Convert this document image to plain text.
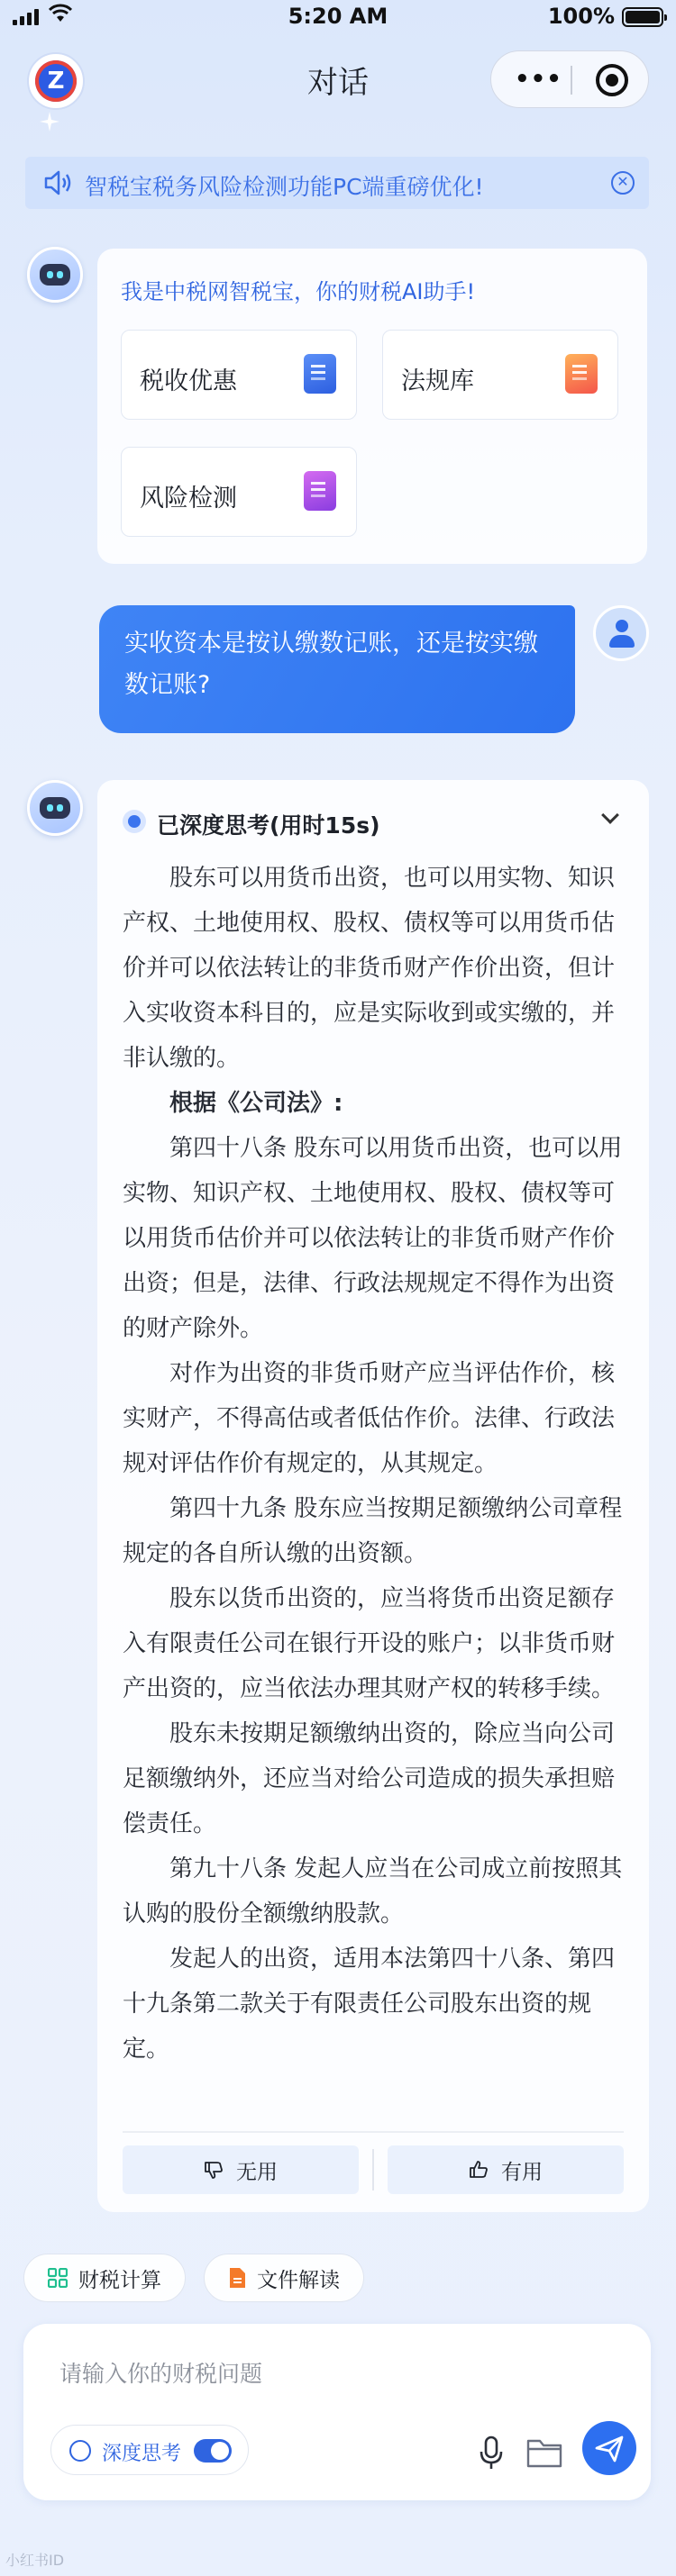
5:20 AM	100%
Z	对话	•••
智税宝税务风险检测功能PC端重磅优化!	✕
我是中税网智税宝，你的财税AI助手!
税收优惠	法规库
风险检测
实收资本是按认缴数记账，还是按实缴数记账?
已深度思考(用时15s)

股东可以用货币出资，也可以用实物、知识产权、土地使用权、股权、债权等可以用货币估价并可以依法转让的非货币财产作价出资，但计入实收资本科目的，应是实际收到或实缴的，并非认缴的。

根据《公司法》:

第四十八条 股东可以用货币出资，也可以用实物、知识产权、土地使用权、股权、债权等可以用货币估价并可以依法转让的非货币财产作价出资；但是，法律、行政法规规定不得作为出资的财产除外。

对作为出资的非货币财产应当评估作价，核实财产，不得高估或者低估作价。法律、行政法规对评估作价有规定的，从其规定。

第四十九条 股东应当按期足额缴纳公司章程规定的各自所认缴的出资额。

股东以货币出资的，应当将货币出资足额存入有限责任公司在银行开设的账户；以非货币财产出资的，应当依法办理其财产权的转移手续。

股东未按期足额缴纳出资的，除应当向公司足额缴纳外，还应当对给公司造成的损失承担赔偿责任。

第九十八条 发起人应当在公司成立前按照其认购的股份全额缴纳股款。

发起人的出资，适用本法第四十八条、第四十九条第二款关于有限责任公司股东出资的规定。

无用	有用
财税计算	文件解读
请输入你的财税问题
深度思考
小红书ID
